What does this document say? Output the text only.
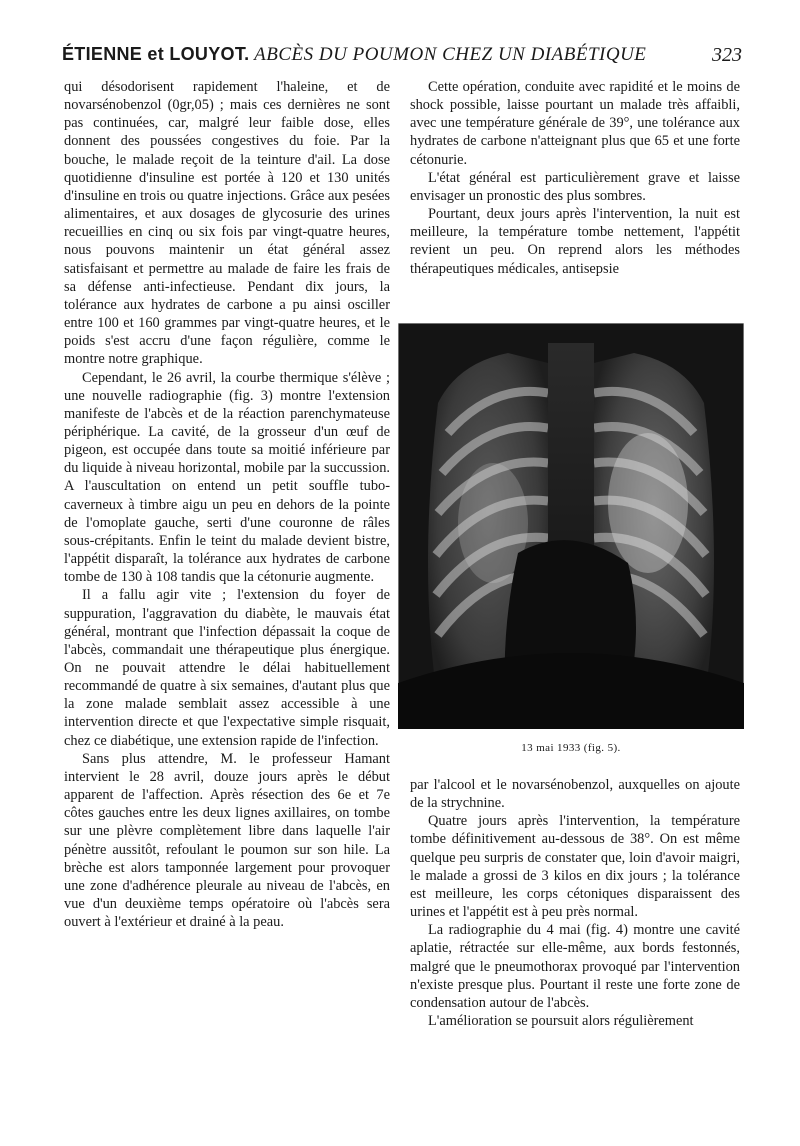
ÉTIENNE et LOUYOT. ABCÈS DU POUMON CHEZ UN DIABÉTIQUE	323

qui désodorisent rapidement l'haleine, et de novarsénobenzol (0gr,05) ; mais ces dernières ne sont pas continuées, car, malgré leur faible dose, elles donnent des poussées congestives du foie. Par la bouche, le malade reçoit de la teinture d'ail. La dose quotidienne d'insuline est portée à 120 et 130 unités d'insuline en trois ou quatre injections. Grâce aux pesées alimentaires, et aux dosages de glycosurie des urines recueillies en cinq ou six fois par vingt-quatre heures, nous pouvons maintenir un état général assez satisfaisant et permettre au malade de faire les frais de sa défense anti-infectieuse. Pendant dix jours, la tolérance aux hydrates de carbone a pu ainsi osciller entre 100 et 160 grammes par vingt-quatre heures, et le poids s'est accru d'une façon régulière, comme le montre notre graphique.

Cependant, le 26 avril, la courbe thermique s'élève ; une nouvelle radiographie (fig. 3) montre l'extension manifeste de l'abcès et de la réaction parenchymateuse périphérique. La cavité, de la grosseur d'un œuf de pigeon, est occupée dans toute sa moitié inférieure par du liquide à niveau horizontal, mobile par la succussion. A l'auscultation on entend un petit souffle tubo-caverneux à timbre aigu un peu en dehors de la pointe de l'omoplate gauche, serti d'une couronne de râles sous-crépitants. Enfin le teint du malade devient bistre, l'appétit disparaît, la tolérance aux hydrates de carbone tombe de 130 à 108 tandis que la cétonurie augmente.

Il a fallu agir vite ; l'extension du foyer de suppuration, l'aggravation du diabète, le mauvais état général, montrant que l'infection dépassait la coque de l'abcès, commandait une thérapeutique plus énergique. On ne pouvait attendre le délai habituellement recommandé de quatre à six semaines, d'autant plus que la zone malade semblait assez accessible à une intervention directe et que l'expectative simple risquait, chez ce diabétique, une extension rapide de l'infection.

Sans plus attendre, M. le professeur Hamant intervient le 28 avril, douze jours après le début apparent de l'affection. Après résection des 6e et 7e côtes gauches entre les deux lignes axillaires, on tombe sur une plèvre complètement libre dans laquelle l'air pénètre aussitôt, refoulant le poumon sur son hile. La brèche est alors tamponnée largement pour provoquer une zone d'adhérence pleurale au niveau de l'abcès, en vue d'un deuxième temps opératoire où l'abcès sera ouvert à l'extérieur et drainé à la peau.

Cette opération, conduite avec rapidité et le moins de shock possible, laisse pourtant un malade très affaibli, avec une température générale de 39°, une tolérance aux hydrates de carbone n'atteignant plus que 65 et une forte cétonurie.

L'état général est particulièrement grave et laisse envisager un pronostic des plus sombres.

Pourtant, deux jours après l'intervention, la nuit est meilleure, la température tombe nettement, l'appétit revient un peu. On reprend alors les méthodes thérapeutiques médicales, antisepsie

13 mai 1933 (fig. 5).

par l'alcool et le novarsénobenzol, auxquelles on ajoute de la strychnine.

Quatre jours après l'intervention, la température tombe définitivement au-dessous de 38°. On est même quelque peu surpris de constater que, loin d'avoir maigri, le malade a grossi de 3 kilos en dix jours ; la tolérance est meilleure, les corps cétoniques disparaissent des urines et l'appétit est à peu près normal.

La radiographie du 4 mai (fig. 4) montre une cavité aplatie, rétractée sur elle-même, aux bords festonnés, malgré que le pneumothorax provoqué par l'intervention n'existe presque plus. Pourtant il reste une forte zone de condensation autour de l'abcès.

L'amélioration se poursuit alors régulièrement
